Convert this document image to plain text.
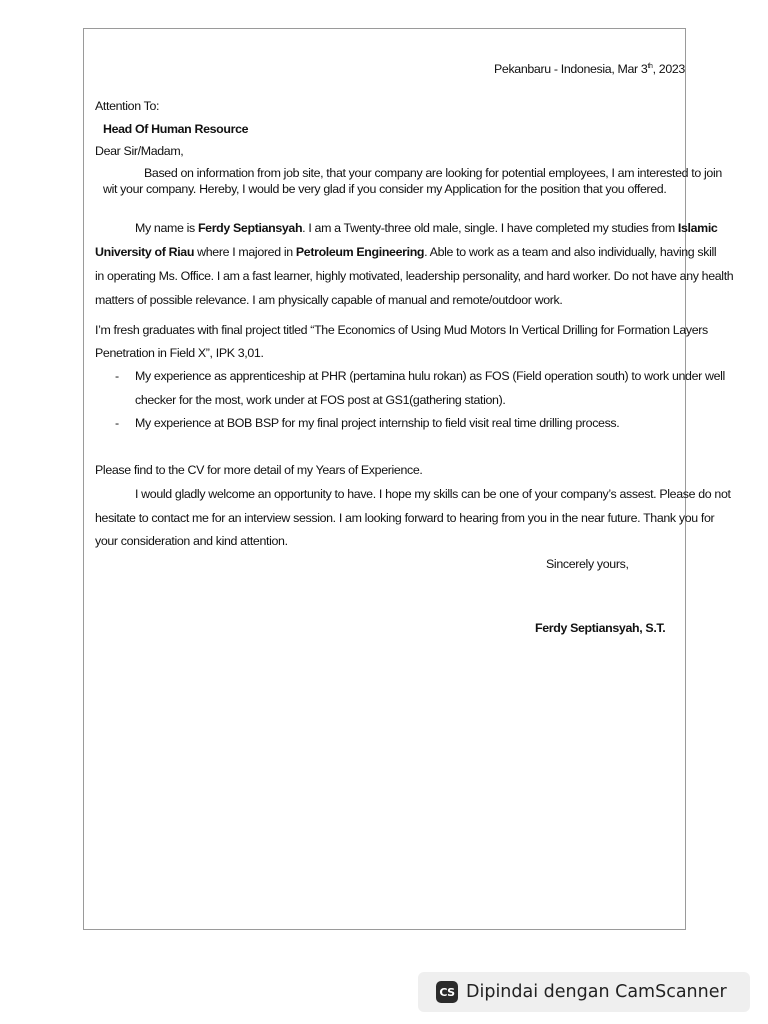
Pekanbaru - Indonesia, Mar 3th, 2023
Attention To:
Head Of Human Resource
Dear Sir/Madam,
Based on information from job site, that your company are looking for potential employees, I am interested to join
wit your company. Hereby, I would be very glad if you consider my Application for the position that you offered.
My name is Ferdy Septiansyah. I am a Twenty-three old male, single. I have completed my studies from Islamic
University of Riau where I majored in Petroleum Engineering. Able to work as a team and also individually, having skill
in operating Ms. Office. I am a fast learner, highly motivated, leadership personality, and hard worker. Do not have any health
matters of possible relevance. I am physically capable of manual and remote/outdoor work.
I’m fresh graduates with final project titled “The Economics of Using Mud Motors In Vertical Drilling for Formation Layers
Penetration in Field X”, IPK 3,01.
- My experience as apprenticeship at PHR (pertamina hulu rokan) as FOS (Field operation south) to work under well
checker for the most, work under at FOS post at GS1(gathering station).
- My experience at BOB BSP for my final project internship to field visit real time drilling process.
Please find to the CV for more detail of my Years of Experience.
I would gladly welcome an opportunity to have. I hope my skills can be one of your company’s assest. Please do not
hesitate to contact me for an interview session. I am looking forward to hearing from you in the near future. Thank you for
your consideration and kind attention.
Sincerely yours,
Ferdy Septiansyah, S.T.
CS Dipindai dengan CamScanner
